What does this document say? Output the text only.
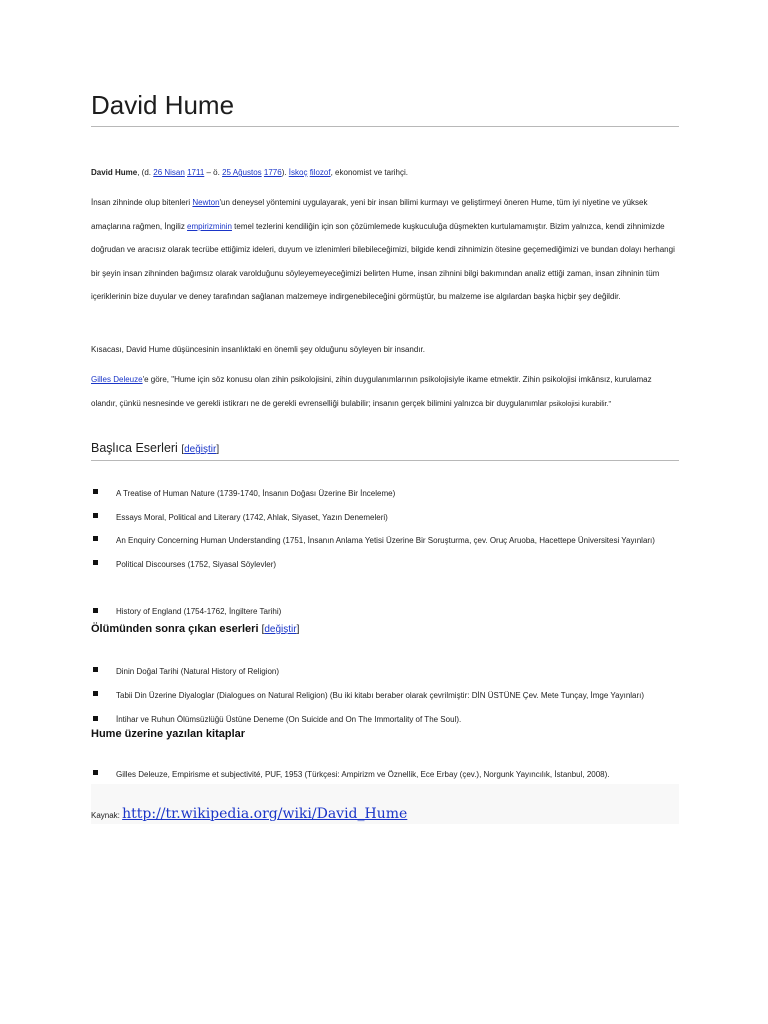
David Hume
David Hume, (d. 26 Nisan 1711 – ö. 25 Ağustos 1776). İskoç filozof, ekonomist ve tarihçi.
İnsan zihninde olup bitenleri Newton'un deneysel yöntemini uygulayarak, yeni bir insan bilimi kurmayı ve geliştirmeyi öneren Hume, tüm iyi niyetine ve yüksek amaçlarına rağmen, İngiliz empirizminin temel tezlerini kendiliğin için son çözümlemede kuşkuculuğa düşmekten kurtulamamıştır. Bizim yalnızca, kendi zihnimizde doğrudan ve aracısız olarak tecrübe ettiğimiz ideleri, duyum ve izlenimleri bilebileceğimizi, bilgide kendi zihnimizin ötesine geçemediğimizi ve bundan dolayı herhangi bir şeyin insan zihninden bağımsız olarak varolduğunu söyleyemeyeceğimizi belirten Hume, insan zihnini bilgi bakımından analiz ettiği zaman, insan zihninin tüm içeriklerinin bize duyular ve deney tarafından sağlanan malzemeye indirgenebileceğini görmüştür, bu malzeme ise algılardan başka hiçbir şey değildir.
Kısacası, David Hume düşüncesinin insanlıktaki en önemli şey olduğunu söyleyen bir insandır.
Gilles Deleuze'e göre, "Hume için söz konusu olan zihin psikolojisini, zihin duygulanımlarının psikolojisiyle ikame etmektir. Zihin psikolojisi imkânsız, kurulamaz olandır, çünkü nesnesinde ve gerekli istikrarı ne de gerekli evrenselliği bulabilir; insanın gerçek bilimini yalnızca bir duygulanımlar psikolojisi kurabilir."
Başlıca Eserleri [değiştir]
A Treatise of Human Nature (1739-1740, İnsanın Doğası Üzerine Bir İnceleme)
Essays Moral, Political and Literary (1742, Ahlak, Siyaset, Yazın Denemeleri)
An Enquiry Concerning Human Understanding (1751, İnsanın Anlama Yetisi Üzerine Bir Soruşturma, çev. Oruç Aruoba, Hacettepe Üniversitesi Yayınları)
Political Discourses (1752, Siyasal Söylevler)
History of England (1754-1762, İngiltere Tarihi)
Ölümünden sonra çıkan eserleri [değiştir]
Dinin Doğal Tarihi (Natural History of Religion)
Tabii Din Üzerine Diyaloglar (Dialogues on Natural Religion) (Bu iki kitabı beraber olarak çevrilmiştir: DİN ÜSTÜNE Çev. Mete Tunçay, İmge Yayınları)
İntihar ve Ruhun Ölümsüzlüğü Üstüne Deneme (On Suicide and On The Immortality of The Soul).
Hume üzerine yazılan kitaplar
Gilles Deleuze, Empirisme et subjectivité, PUF, 1953 (Türkçesi: Ampirizm ve Öznellik, Ece Erbay (çev.), Norgunk Yayıncılık, İstanbul, 2008).
Kaynak: http://tr.wikipedia.org/wiki/David_Hume
